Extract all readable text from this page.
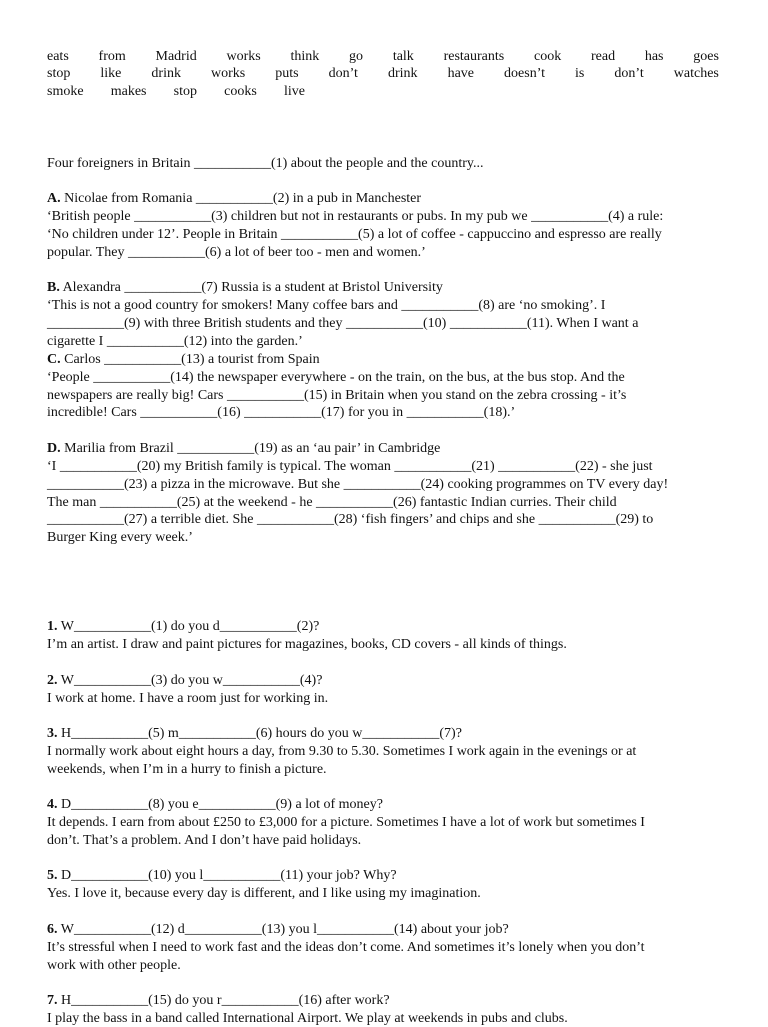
eats from Madrid works think go talk restaurants cook read has goes
stop like drink works puts don’t drink have doesn’t is don’t watches
smoke makes stop cooks live
Four foreigners in Britain ___________(1) about the people and the country...
A. Nicolae from Romania ___________(2) in a pub in Manchester
‘British people ___________(3) children but not in restaurants or pubs. In my pub we ___________(4) a rule:
‘No children under 12’. People in Britain ___________(5) a lot of coffee - cappuccino and espresso are really
popular. They ___________(6) a lot of beer too - men and women.’
B. Alexandra ___________(7) Russia is a student at Bristol University
‘This is not a good country for smokers! Many coffee bars and ___________(8) are ‘no smoking’. I
___________(9) with three British students and they ___________(10) ___________(11). When I want a
cigarette I ___________(12) into the garden.’
C. Carlos ___________(13) a tourist from Spain
‘People ___________(14) the newspaper everywhere - on the train, on the bus, at the bus stop. And the
newspapers are really big! Cars ___________(15) in Britain when you stand on the zebra crossing - it’s
incredible! Cars ___________(16) ___________(17) for you in ___________(18).’
D. Marilia from Brazil ___________(19) as an ‘au pair’ in Cambridge
‘I ___________(20) my British family is typical. The woman ___________(21) ___________(22) - she just
___________(23) a pizza in the microwave. But she ___________(24) cooking programmes on TV every day!
The man ___________(25) at the weekend - he ___________(26) fantastic Indian curries. Their child
___________(27) a terrible diet. She ___________(28) ‘fish fingers’ and chips and she ___________(29) to
Burger King every week.’
1. W___________(1) do you d___________(2)?
I’m an artist. I draw and paint pictures for magazines, books, CD covers - all kinds of things.
2. W___________(3) do you w___________(4)?
I work at home. I have a room just for working in.
3. H___________(5) m___________(6) hours do you w___________(7)?
I normally work about eight hours a day, from 9.30 to 5.30. Sometimes I work again in the evenings or at
weekends, when I’m in a hurry to finish a picture.
4. D___________(8) you e___________(9) a lot of money?
It depends. I earn from about £250 to £3,000 for a picture. Sometimes I have a lot of work but sometimes I
don’t. That’s a problem. And I don’t have paid holidays.
5. D___________(10) you l___________(11) your job? Why?
Yes. I love it, because every day is different, and I like using my imagination.
6. W___________(12) d___________(13) you l___________(14) about your job?
It’s stressful when I need to work fast and the ideas don’t come. And sometimes it’s lonely when you don’t
work with other people.
7. H___________(15) do you r___________(16) after work?
I play the bass in a band called International Airport. We play at weekends in pubs and clubs.
